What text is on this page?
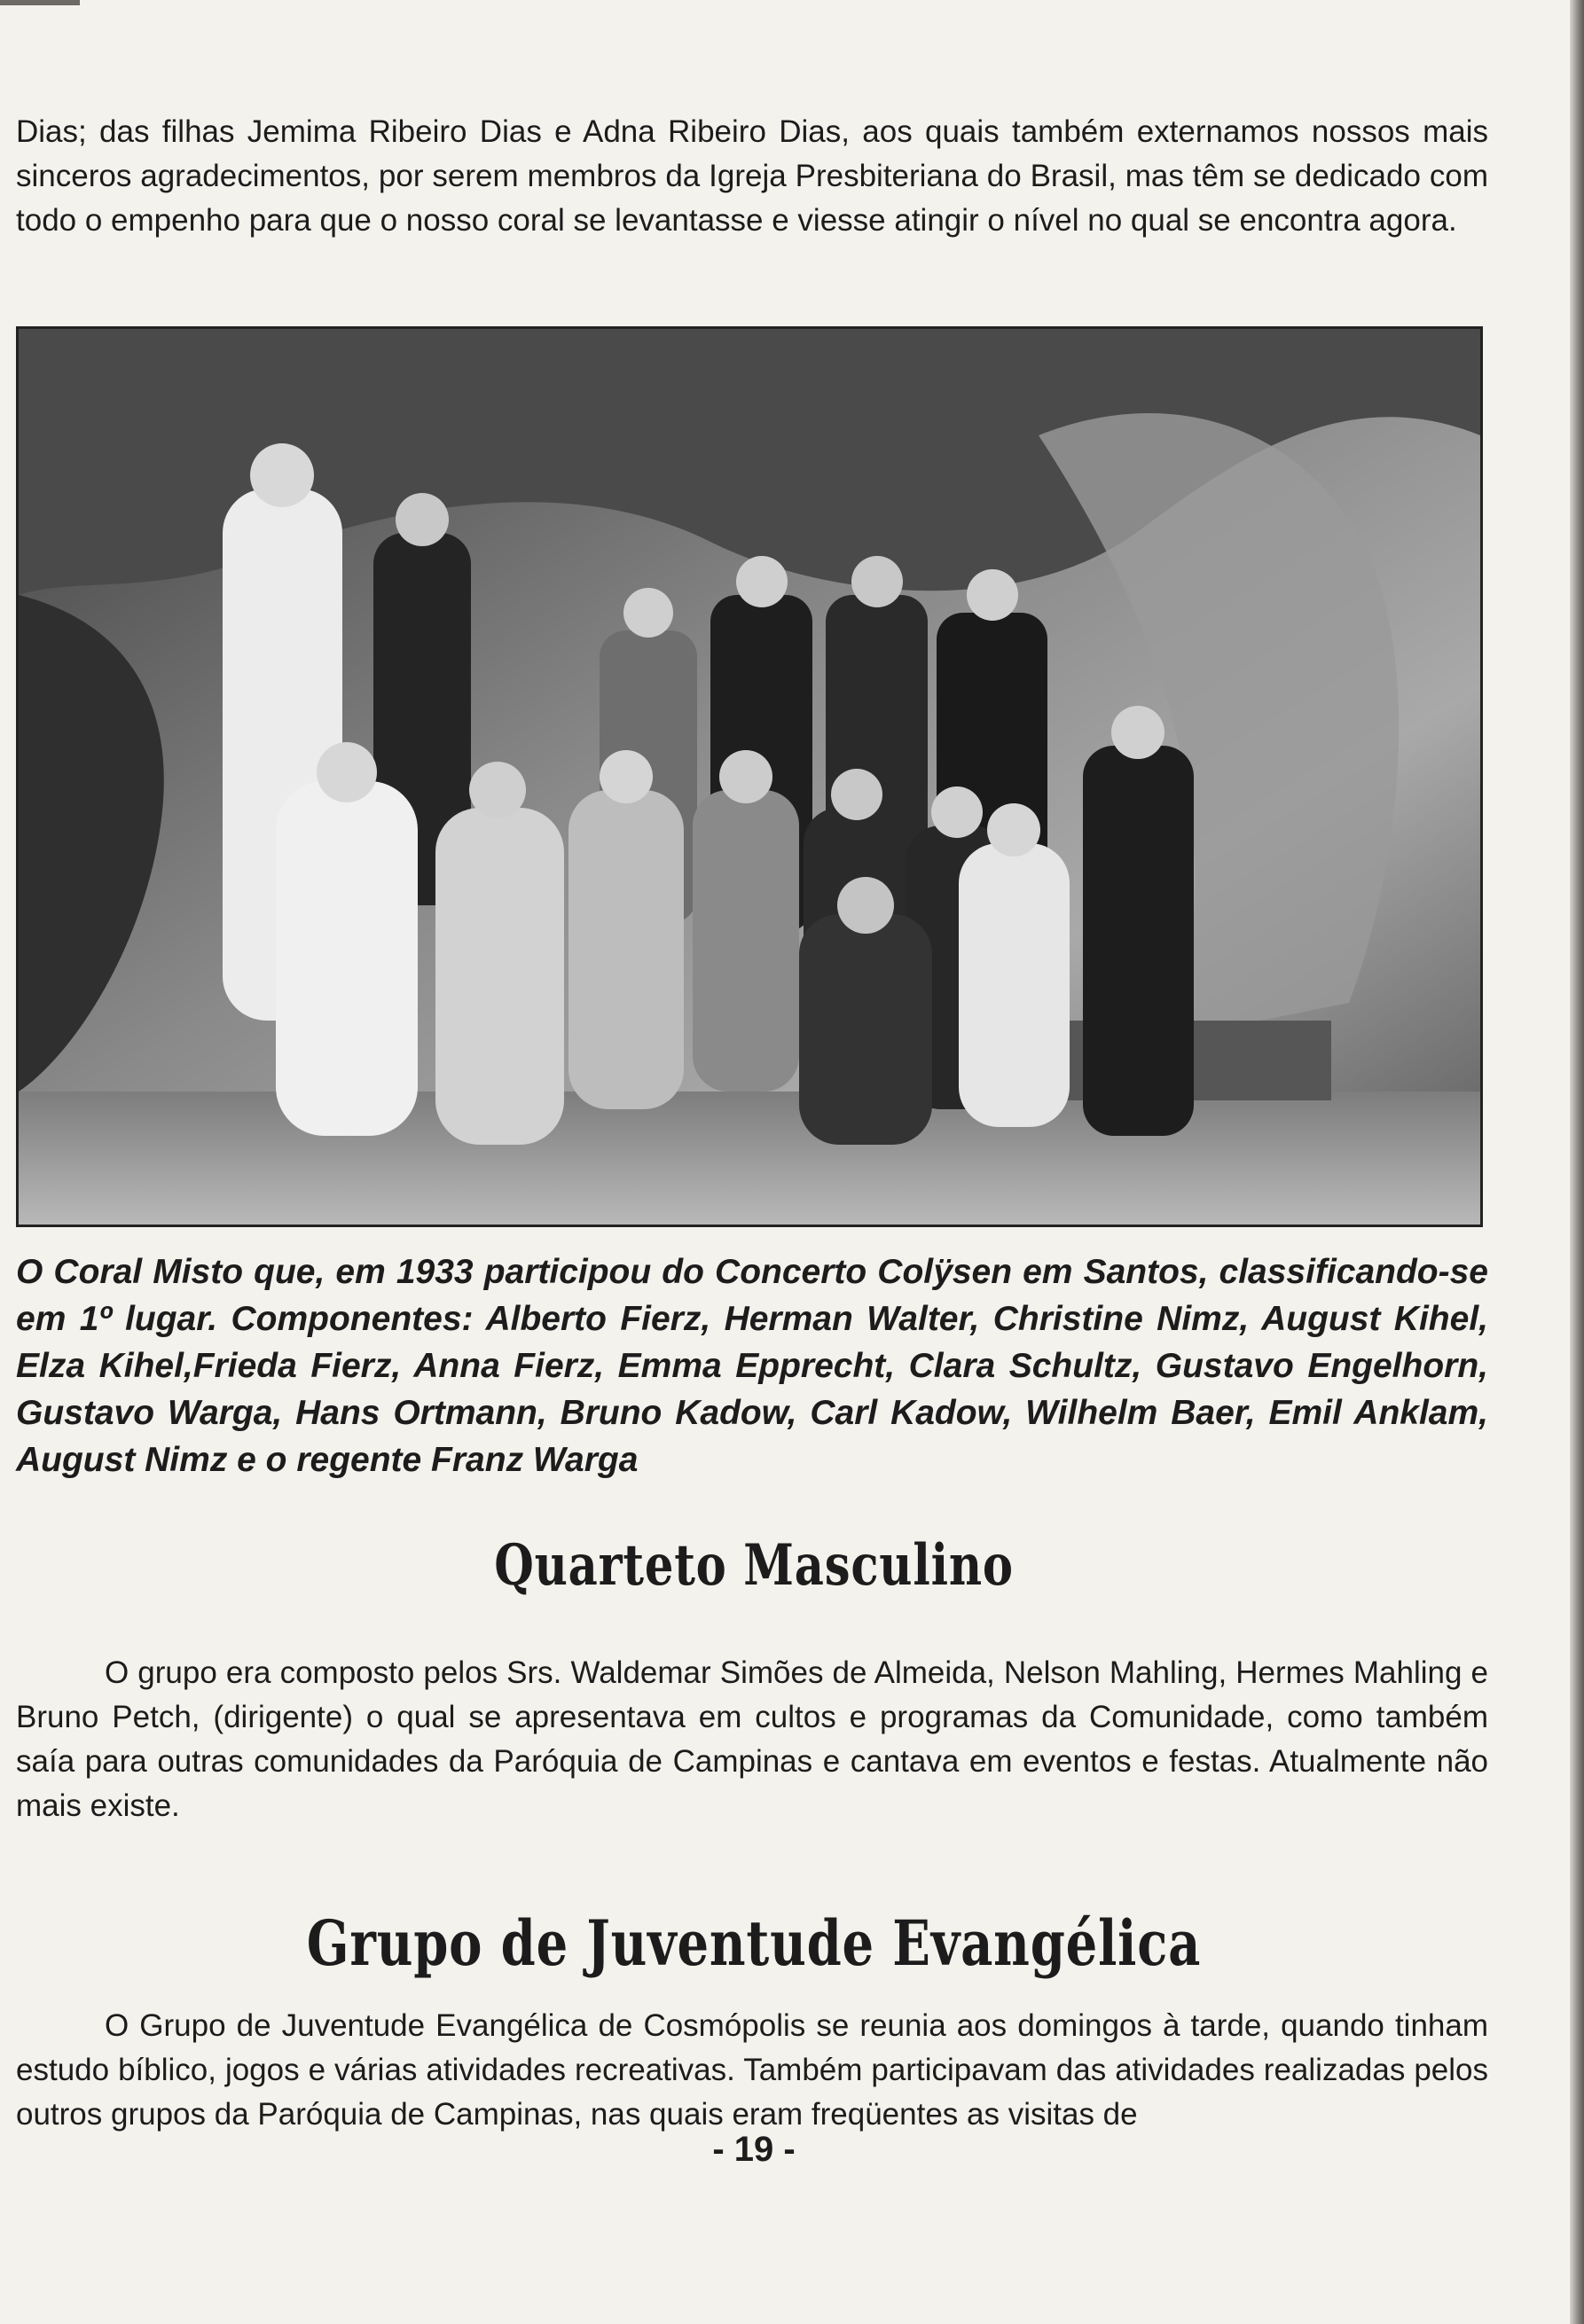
Dias; das filhas Jemima Ribeiro Dias e Adna Ribeiro Dias, aos quais também externamos nossos mais sinceros agradecimentos, por serem membros da Igreja Presbiteriana do Brasil, mas têm se dedicado com todo o empenho para que o nosso coral se levantasse e viesse atingir o nível no qual se encontra agora.

O Coral Misto que, em 1933 participou do Concerto Colÿsen em Santos, classificando-se em 1º lugar. Componentes: Alberto Fierz, Herman Walter, Christine Nimz, August Kihel, Elza Kihel,Frieda Fierz, Anna Fierz, Emma Epprecht, Clara Schultz, Gustavo Engelhorn, Gustavo Warga, Hans Ortmann, Bruno Kadow, Carl Kadow, Wilhelm Baer, Emil Anklam, August Nimz e o regente Franz Warga

Quarteto Masculino

O grupo era composto pelos Srs. Waldemar Simões de Almeida, Nelson Mahling, Hermes Mahling e Bruno Petch, (dirigente) o qual se apresentava em cultos e programas da Comunidade, como também saía para outras comunidades da Paróquia de Campinas e cantava em eventos e festas. Atualmente não mais existe.

Grupo de Juventude Evangélica

O Grupo de Juventude Evangélica de Cosmópolis se reunia aos domingos à tarde, quando tinham estudo bíblico, jogos e várias atividades recreativas. Também participavam das atividades realizadas pelos outros grupos da Paróquia de Campinas, nas quais eram freqüentes as visitas de

- 19 -
